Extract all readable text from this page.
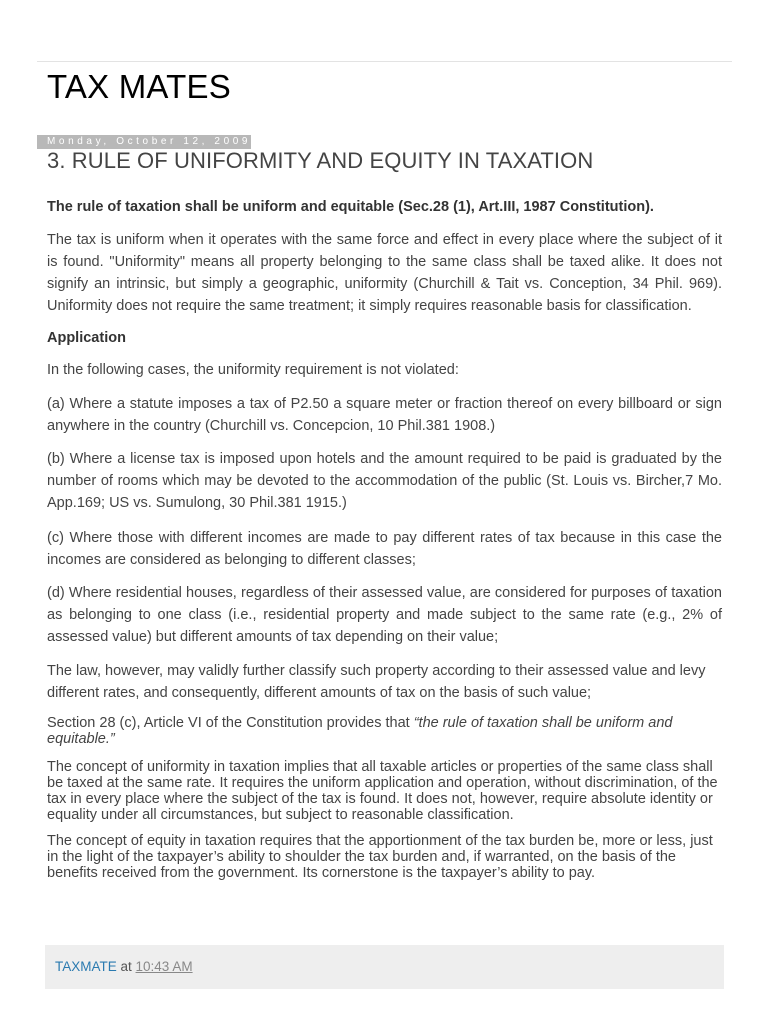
TAX MATES
Monday, October 12, 2009
3. RULE OF UNIFORMITY AND EQUITY IN TAXATION

The rule of taxation shall be uniform and equitable (Sec.28 (1), Art.III, 1987 Constitution).

The tax is uniform when it operates with the same force and effect in every place where the subject of it is found. "Uniformity" means all property belonging to the same class shall be taxed alike. It does not signify an intrinsic, but simply a geographic, uniformity (Churchill & Tait vs. Conception, 34 Phil. 969). Uniformity does not require the same treatment; it simply requires reasonable basis for classification.

Application

In the following cases, the uniformity requirement is not violated:

(a) Where a statute imposes a tax of P2.50 a square meter or fraction thereof on every billboard or sign anywhere in the country (Churchill vs. Concepcion, 10 Phil.381 1908.)

(b) Where a license tax is imposed upon hotels and the amount required to be paid is graduated by the number of rooms which may be devoted to the accommodation of the public (St. Louis vs. Bircher,7 Mo. App.169; US vs. Sumulong, 30 Phil.381 1915.)

(c) Where those with different incomes are made to pay different rates of tax because in this case the incomes are considered as belonging to different classes;

(d) Where residential houses, regardless of their assessed value, are considered for purposes of taxation as belonging to one class (i.e., residential property and made subject to the same rate (e.g., 2% of assessed value) but different amounts of tax depending on their value;

The law, however, may validly further classify such property according to their assessed value and levy different rates, and consequently, different amounts of tax on the basis of such value;

Section 28 (c), Article VI of the Constitution provides that “the rule of taxation shall be uniform and equitable.”

The concept of uniformity in taxation implies that all taxable articles or properties of the same class shall be taxed at the same rate. It requires the uniform application and operation, without discrimination, of the tax in every place where the subject of the tax is found. It does not, however, require absolute identity or equality under all circumstances, but subject to reasonable classification.

The concept of equity in taxation requires that the apportionment of the tax burden be, more or less, just in the light of the taxpayer’s ability to shoulder the tax burden and, if warranted, on the basis of the benefits received from the government. Its cornerstone is the taxpayer’s ability to pay.

TAXMATE at 10:43 AM
